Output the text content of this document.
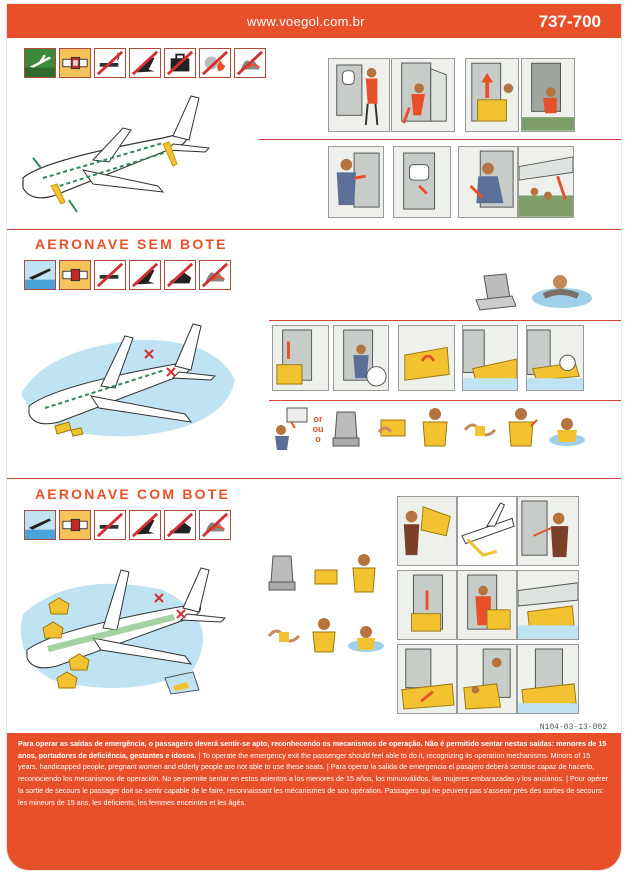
www.voegol.com.br	737-700
AERONAVE SEM BOTE
or
ou
o
AERONAVE COM BOTE
N104-03-13-002
Para operar as saídas de emergência, o passageiro deverá sentir-se apto, reconhecendo os mecanismos de operação. Não é permitido sentar nestas saídas: menores de 15 anos, portadores de deficiência, gestantes e idosos. | To operate the emergency exit the passenger should feel able to do it, recognizing its operation mechanisms. Minors of 15 years, handicapped people, pregnant women and elderly people are not able to use these seats. | Para operar la salida de emergencia el pasajero deberá sentirse capaz de hacerlo, reconociendo los mecanismos de operación. No se permite sentar en estos asientos a los menores de 15 años, los minusválidos, las mujeres embarazadas y los ancianos. | Pour opérer la sortie de secours le passager doit se sentir capable de le faire, reconnaissant les mécanismes de son opération. Passagers qui ne peuvent pas s'asseoir près des sorties de secours: les mineurs de 15 ans, les déficients, les femmes enceintes et les âgés.
